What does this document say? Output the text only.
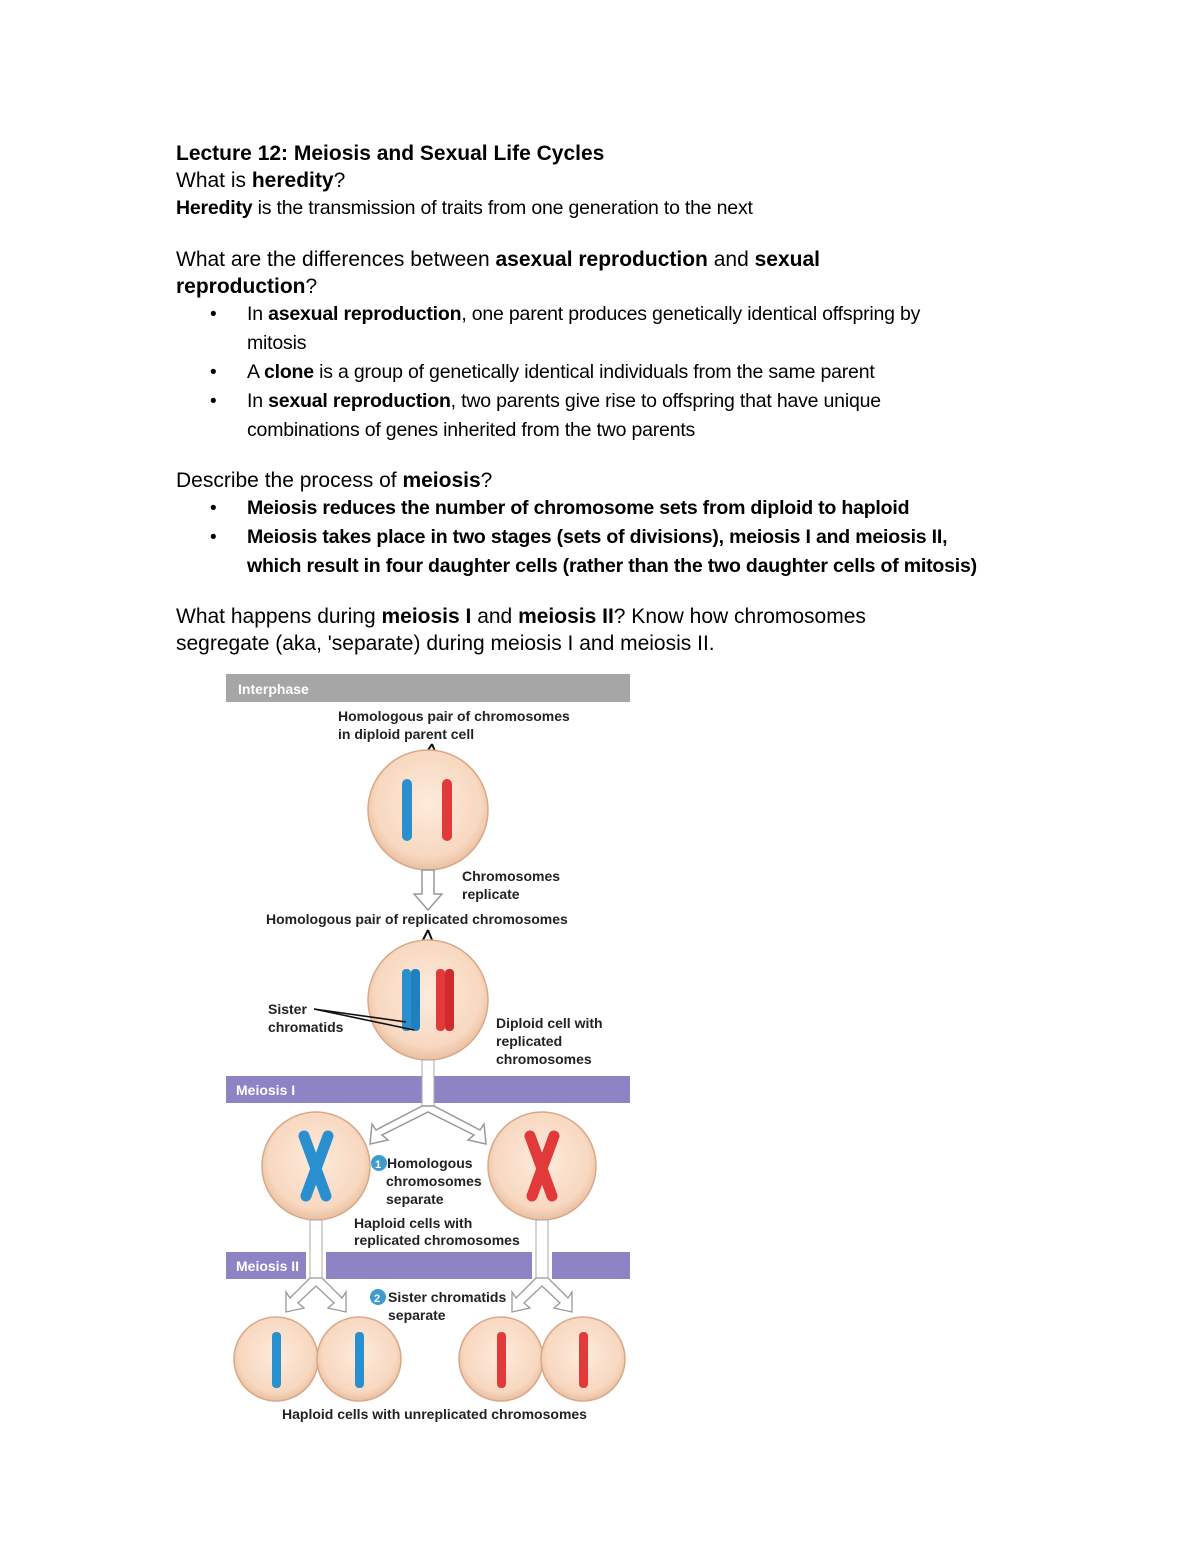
Lecture 12: Meiosis and Sexual Life Cycles
What is heredity?
Heredity is the transmission of traits from one generation to the next
What are the differences between asexual reproduction and sexual
reproduction?
• In asexual reproduction, one parent produces genetically identical offspring by
mitosis
• A clone is a group of genetically identical individuals from the same parent
• In sexual reproduction, two parents give rise to offspring that have unique
combinations of genes inherited from the two parents
Describe the process of meiosis?
• Meiosis reduces the number of chromosome sets from diploid to haploid
• Meiosis takes place in two stages (sets of divisions), meiosis I and meiosis II,
which result in four daughter cells (rather than the two daughter cells of mitosis)
What happens during meiosis I and meiosis II? Know how chromosomes
segregate (aka, 'separate) during meiosis I and meiosis II.
Interphase
Homologous pair of chromosomes
in diploid parent cell
Chromosomes
replicate
Homologous pair of replicated chromosomes
Sister
chromatids	Diploid cell with
replicated
chromosomes
Meiosis I
1 Homologous
chromosomes
separate
Haploid cells with
replicated chromosomes
Meiosis II
2 Sister chromatids
separate
Haploid cells with unreplicated chromosomes
